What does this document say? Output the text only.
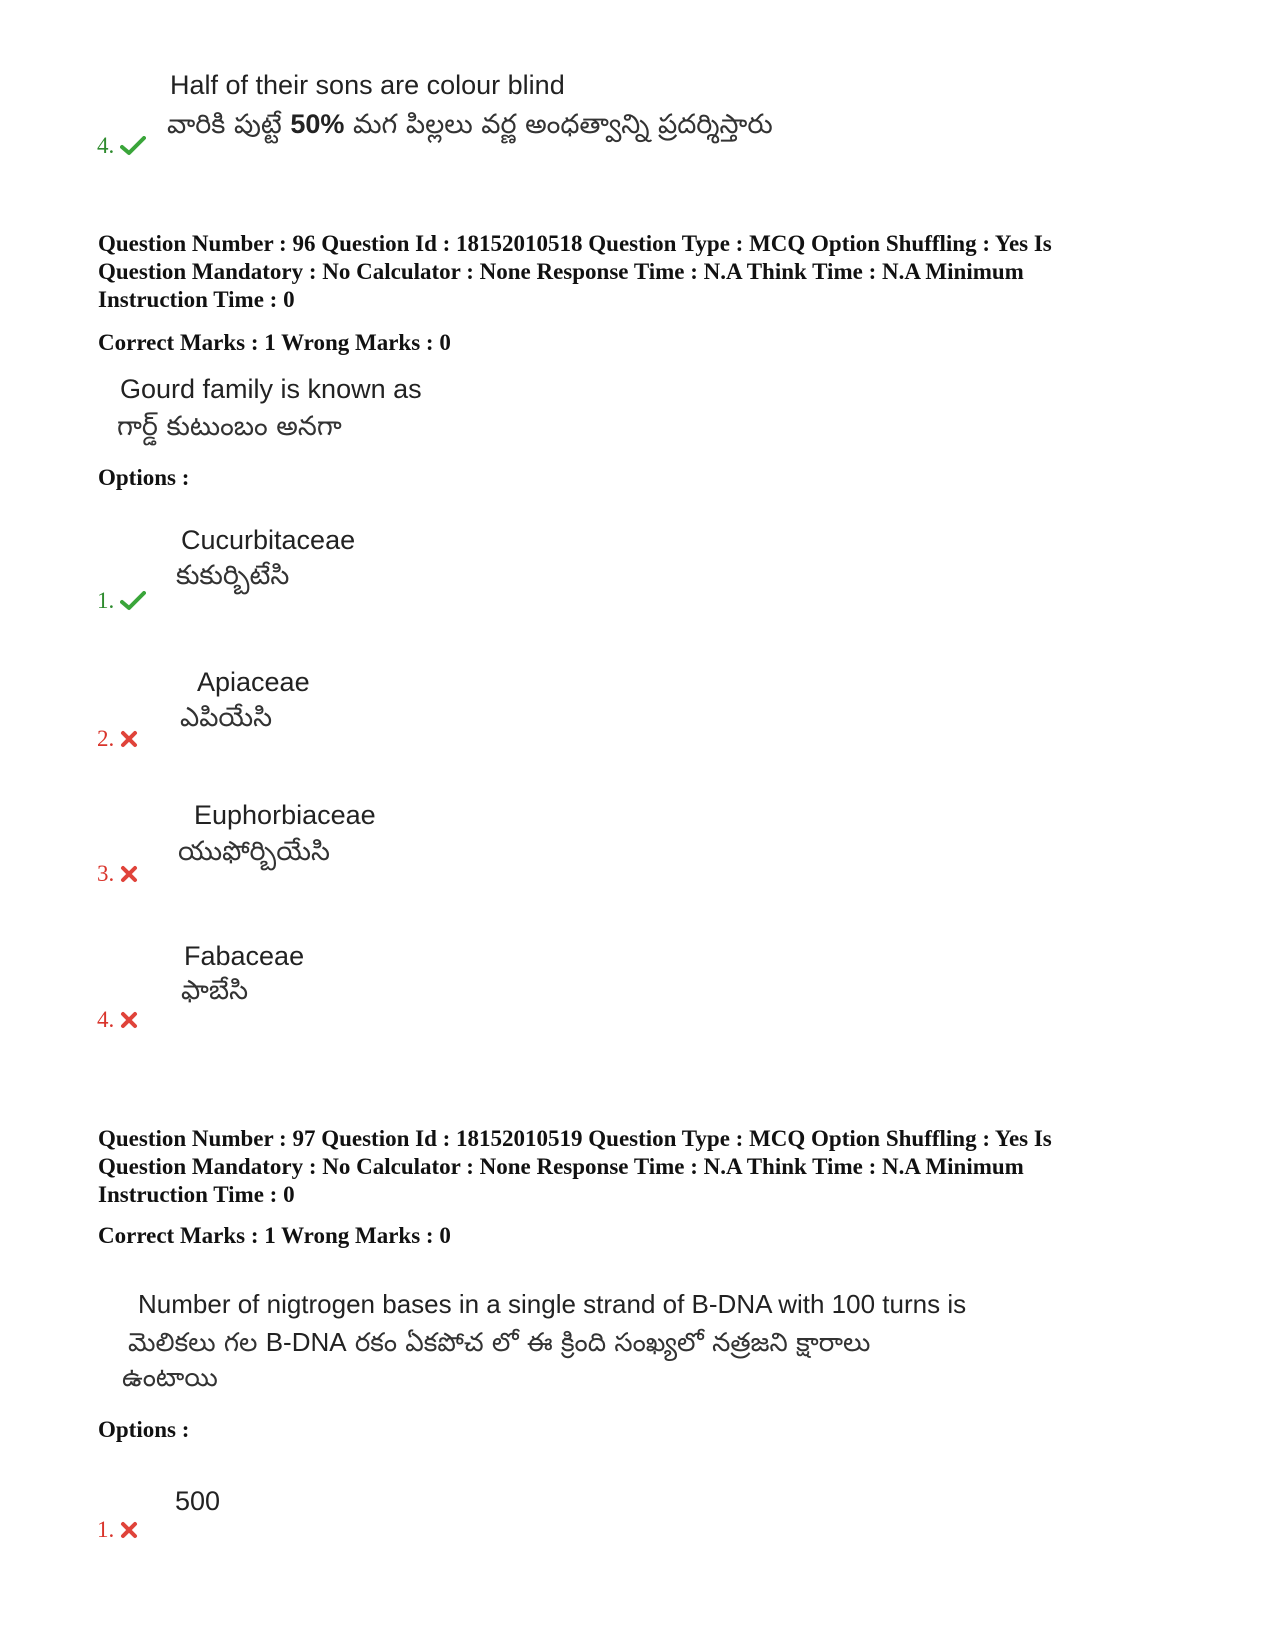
Half of their sons are colour blind
వారికి పుట్టే 50% మగ పిల్లలు వర్ణ అంధత్వాన్ని ప్రదర్శిస్తారు
4.
Question Number : 96 Question Id : 18152010518 Question Type : MCQ Option Shuffling : Yes Is
Question Mandatory : No Calculator : None Response Time : N.A Think Time : N.A Minimum
Instruction Time : 0
Correct Marks : 1 Wrong Marks : 0
Gourd family is known as
గార్డ్ కుటుంబం అనగా
Options :
Cucurbitaceae
కుకుర్బిటేసి
1.
Apiaceae
ఎపియేసి
2.
Euphorbiaceae
యుఫోర్బియేసి
3.
Fabaceae
ఫాబేసి
4.
Question Number : 97 Question Id : 18152010519 Question Type : MCQ Option Shuffling : Yes Is
Question Mandatory : No Calculator : None Response Time : N.A Think Time : N.A Minimum
Instruction Time : 0
Correct Marks : 1 Wrong Marks : 0
Number of nigtrogen bases in a single strand of B-DNA with 100 turns is
మెలికలు గల B-DNA రకం ఏకపోచ లో ఈ క్రింది సంఖ్యలో నత్రజని క్షారాలు
ఉంటాయి
Options :
500
1.
